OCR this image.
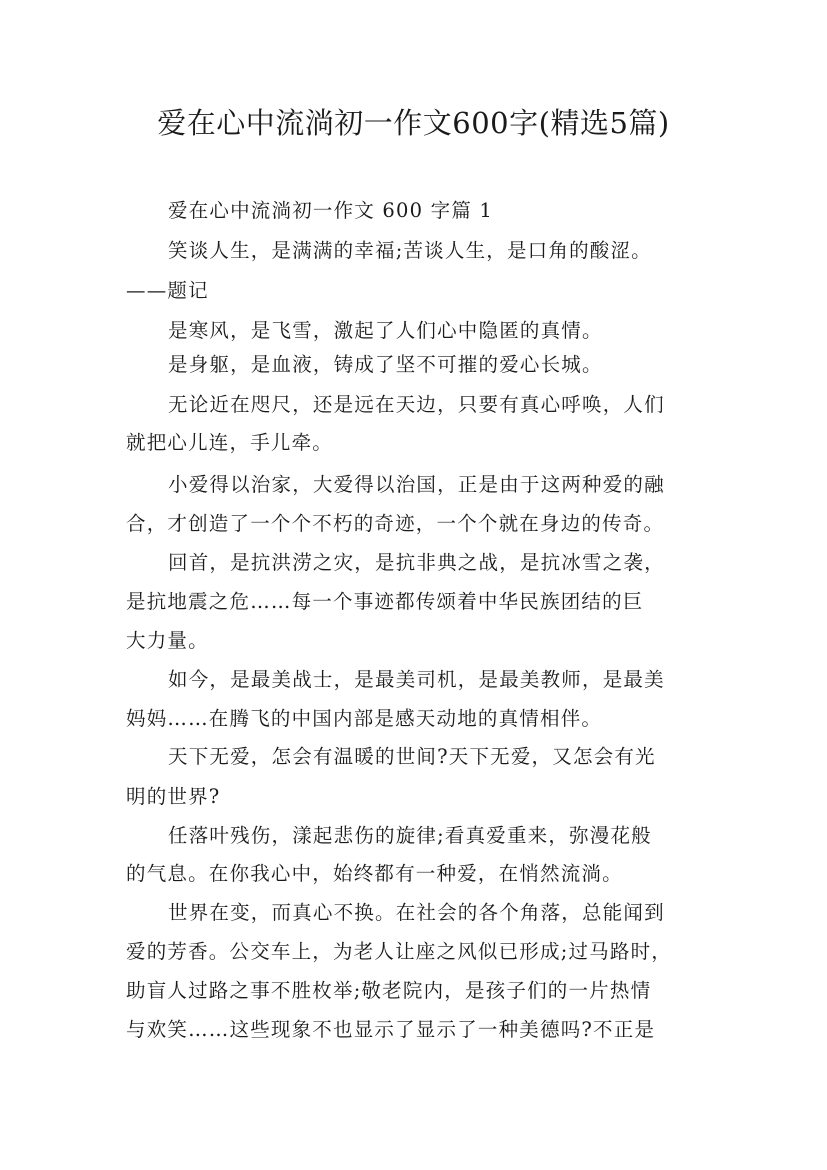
爱在心中流淌初一作文600字(精选5篇)
爱在心中流淌初一作文 600 字篇 1
笑谈人生，是满满的幸福;苦谈人生，是口角的酸涩。
——题记
是寒风，是飞雪，激起了人们心中隐匿的真情。
是身躯，是血液，铸成了坚不可摧的爱心长城。
无论近在咫尺，还是远在天边，只要有真心呼唤，人们
就把心儿连，手儿牵。
小爱得以治家，大爱得以治国，正是由于这两种爱的融
合，才创造了一个个不朽的奇迹，一个个就在身边的传奇。
回首，是抗洪涝之灾，是抗非典之战，是抗冰雪之袭，
是抗地震之危……每一个事迹都传颂着中华民族团结的巨
大力量。
如今，是最美战士，是最美司机，是最美教师，是最美
妈妈……在腾飞的中国内部是感天动地的真情相伴。
天下无爱，怎会有温暖的世间?天下无爱，又怎会有光
明的世界?
任落叶残伤，漾起悲伤的旋律;看真爱重来，弥漫花般
的气息。在你我心中，始终都有一种爱，在悄然流淌。
世界在变，而真心不换。在社会的各个角落，总能闻到
爱的芳香。公交车上，为老人让座之风似已形成;过马路时，
助盲人过路之事不胜枚举;敬老院内，是孩子们的一片热情
与欢笑……这些现象不也显示了显示了一种美德吗?不正是
